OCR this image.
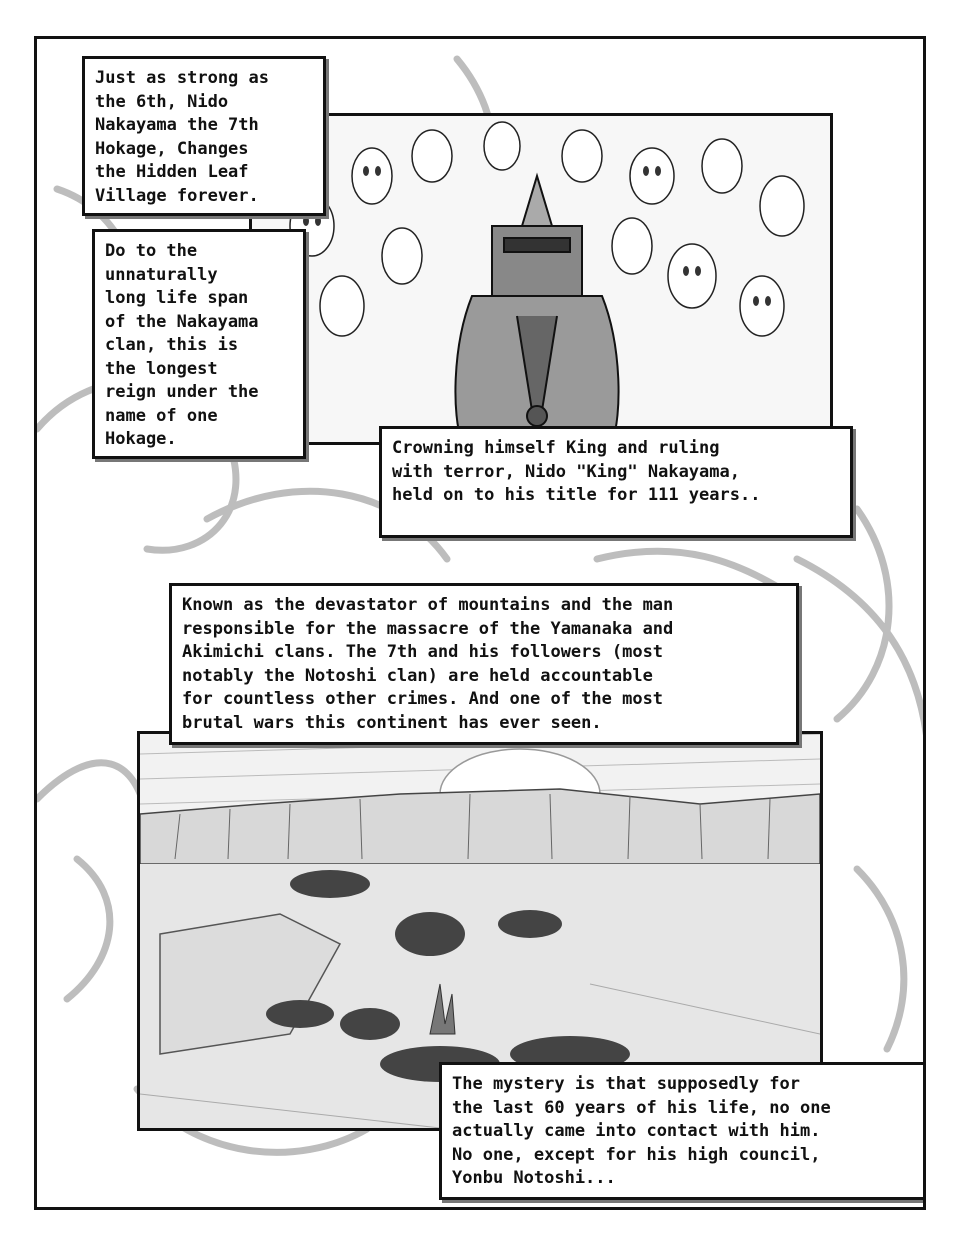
Just as strong as
the 6th, Nido
Nakayama the 7th
Hokage, Changes
the Hidden Leaf
Village forever.
Do to the
unnaturally
long life span
of the Nakayama
clan, this is
the longest
reign under the
name of one
Hokage.	Crowning himself King and ruling
with terror, Nido "King" Nakayama,
held on to his title for 111 years..
Known as the devastator of mountains and the man
responsible for the massacre of the Yamanaka and
Akimichi clans. The 7th and his followers (most
notably the Notoshi clan) are held accountable
for countless other crimes. And one of the most
brutal wars this continent has ever seen.
The mystery is that supposedly for
the last 60 years of his life, no one
actually came into contact with him.
No one, except for his high council,
Yonbu Notoshi...
